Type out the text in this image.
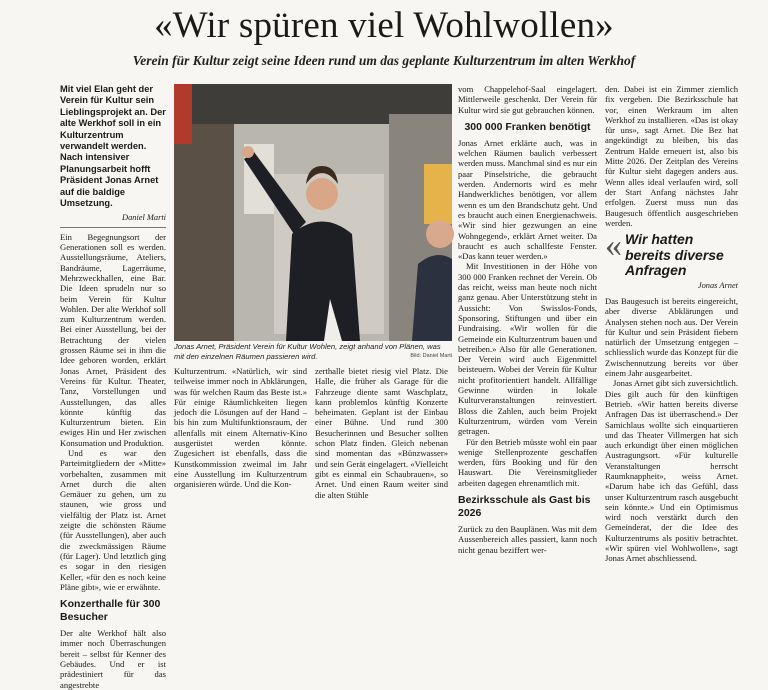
«Wir spüren viel Wohlwollen»
Verein für Kultur zeigt seine Ideen rund um das geplante Kulturzentrum im alten Werkhof

Mit viel Elan geht der Verein für Kultur sein Lieblingsprojekt an. Der alte Werkhof soll in ein Kulturzentrum verwandelt werden. Nach intensiver Planungsarbeit hofft Präsident Jonas Arnet auf die baldige Umsetzung.

Daniel Marti

Ein Begegnungsort der Generationen soll es werden. Ausstellungsräume, Ateliers, Bandräume, Lagerräume, Mehrzweckhallen, eine Bar. Die Ideen sprudeln nur so beim Verein für Kultur Wohlen. Der alte Werkhof soll zum Kulturzentrum werden. Bei einer Ausstellung, bei der Betrachtung der vielen grossen Räume sei in ihm die Idee geboren worden, erklärt Jonas Arnet, Präsident des Vereins für Kultur. Theater, Tanz, Vorstellungen und Ausstellungen, das alles könnte künftig das Kulturzentrum bieten. Ein ewiges Hin und Her zwischen Konsumation und Produktion.

Und es war den Parteimitgliedern der «Mitte» vorbehalten, zusammen mit Arnet durch die alten Gemäuer zu gehen, um zu staunen, wie gross und vielfältig der Platz ist. Arnet zeigte die schönsten Räume (für Ausstellungen), aber auch die zweckmässigen Räume (für Lager). Und letztlich ging es sogar in den riesigen Keller, «für den es noch keine Pläne gibt», wie er erwähnte.

Konzerthalle für 300 Besucher

Der alte Werkhof hält also immer noch Überraschungen bereit – selbst für Kenner des Gebäudes. Und er ist prädestiniert für das angestrebte

Jonas Arnet, Präsident Verein für Kultur Wohlen, zeigt anhand von Plänen, was mit den einzelnen Räumen passieren wird.	Bild: Daniel Marti

Kulturzentrum. «Natürlich, wir sind teilweise immer noch in Abklärungen, was für welchen Raum das Beste ist.» Für einige Räumlichkeiten liegen jedoch die Lösungen auf der Hand – bis hin zum Multifunktionsraum, der allenfalls mit einem Alternativ-Kino ausgerüstet werden könnte. Zugesichert ist ebenfalls, dass die Kunstkommission zweimal im Jahr eine Ausstellung im Kulturzentrum organisieren würde. Und die Kon-

zerthalle bietet riesig viel Platz. Die Halle, die früher als Garage für die Fahrzeuge diente samt Waschplatz, kann problemlos künftig Konzerte beheimaten. Geplant ist der Einbau einer Bühne. Und rund 300 Besucherinnen und Besucher sollten schon Platz finden. Gleich nebenan sind momentan das «Bünzwasser» und sein Gerät eingelagert. «Vielleicht gibt es einmal ein Schaubrauen», so Arnet. Und einen Raum weiter sind die alten Stühle

vom Chappelehof-Saal eingelagert. Mittlerweile geschenkt. Der Verein für Kultur wird sie gut gebrauchen können.

300 000 Franken benötigt

Jonas Arnet erklärte auch, was in welchen Räumen baulich verbessert werden muss. Manchmal sind es nur ein paar Pinselstriche, die gebraucht werden. Andernorts wird es mehr Handwerkliches benötigen, vor allem wenn es um den Brandschutz geht. Und es braucht auch einen Energienachweis. «Wir sind hier gezwungen an eine Wohngegend», erklärt Arnet weiter. Da braucht es auch schallfeste Fenster. «Das kann teuer werden.»

Mit Investitionen in der Höhe von 300 000 Franken rechnet der Verein. Ob das reicht, weiss man heute noch nicht ganz genau. Aber Unterstützung steht in Aussicht: Von Swisslos-Fonds, Sponsoring, Stiftungen und über ein Fundraising. «Wir wollen für die Gemeinde ein Kulturzentrum bauen und betreiben.» Also für alle Generationen. Der Verein wird auch Eigenmittel beisteuern. Wobei der Verein für Kultur nicht profitorientiert handelt. Allfällige Gewinne würden in lokale Kulturveranstaltungen reinvestiert. Bloss die Zahlen, auch beim Projekt Kulturzentrum, würden vom Verein getragen.

Für den Betrieb müsste wohl ein paar wenige Stellenprozente geschaffen werden, fürs Booking und für den Hauswart. Die Vereinsmitglieder arbeiten dagegen ehrenamtlich mit.

Bezirksschule als Gast bis 2026

Zurück zu den Bauplänen. Was mit dem Aussenbereich alles passiert, kann noch nicht genau beziffert wer-

den. Dabei ist ein Zimmer ziemlich fix vergeben. Die Bezirksschule hat vor, einen Werkraum im alten Werkhof zu installieren. «Das ist okay für uns», sagt Arnet. Die Bez hat angekündigt zu bleiben, bis das Zentrum Halde erneuert ist, also bis Mitte 2026. Der Zeitplan des Vereins für Kultur sieht dagegen anders aus. Wenn alles ideal verlaufen wird, soll der Start Anfang nächstes Jahr erfolgen. Zuerst muss nun das Baugesuch öffentlich ausgeschrieben werden.

« Wir hatten bereits diverse Anfragen
Jonas Arnet

Das Baugesuch ist bereits eingereicht, aber diverse Abklärungen und Analysen stehen noch aus. Der Verein für Kultur und sein Präsident fiebern natürlich der Umsetzung entgegen – schliesslich wurde das Konzept für die Zwischennutzung bereits vor über einem Jahr ausgearbeitet.

Jonas Arnet gibt sich zuversichtlich. Dies gilt auch für den künftigen Betrieb. «Wir hatten bereits diverse Anfragen Das ist überraschend.» Der Samichlaus wollte sich einquartieren und das Theater Villmergen hat sich auch erkundigt über einen möglichen Austragungsort. «Für kulturelle Veranstaltungen herrscht Raumknappheit», weiss Arnet. «Darum habe ich das Gefühl, dass unser Kulturzentrum rasch ausgebucht sein könnte.» Und ein Optimismus wird noch verstärkt durch den Gemeinderat, der die Idee des Kulturzentrums als positiv betrachtet. «Wir spüren viel Wohlwollen», sagt Jonas Arnet abschliessend.
